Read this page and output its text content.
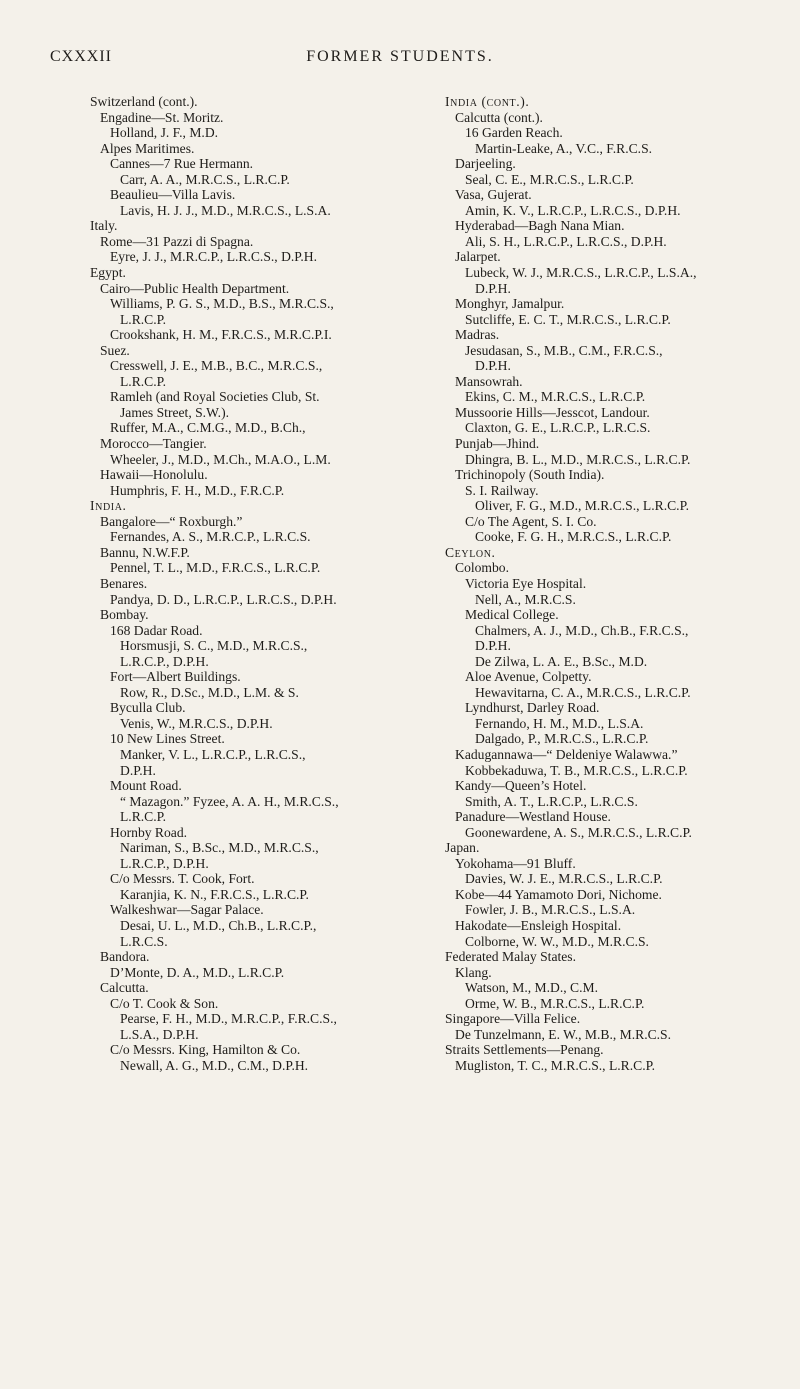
CXXXII	FORMER STUDENTS.
Switzerland (cont.).
Engadine—St. Moritz.
Holland, J. F., M.D.
Alpes Maritimes.
Cannes—7 Rue Hermann.
Carr, A. A., M.R.C.S., L.R.C.P.
Beaulieu—Villa Lavis.
Lavis, H. J. J., M.D., M.R.C.S., L.S.A.
Italy.
Rome—31 Pazzi di Spagna.
Eyre, J. J., M.R.C.P., L.R.C.S., D.P.H.
Egypt.
Cairo—Public Health Department.
Williams, P. G. S., M.D., B.S., M.R.C.S.,
L.R.C.P.
Crookshank, H. M., F.R.C.S., M.R.C.P.I.
Suez.
Cresswell, J. E., M.B., B.C., M.R.C.S.,
L.R.C.P.
Ramleh (and Royal Societies Club, St.
James Street, S.W.).
Ruffer, M.A., C.M.G., M.D., B.Ch.,
Morocco—Tangier.
Wheeler, J., M.D., M.Ch., M.A.O., L.M.
Hawaii—Honolulu.
Humphris, F. H., M.D., F.R.C.P.
India.
Bangalore—“ Roxburgh.”
Fernandes, A. S., M.R.C.P., L.R.C.S.
Bannu, N.W.F.P.
Pennel, T. L., M.D., F.R.C.S., L.R.C.P.
Benares.
Pandya, D. D., L.R.C.P., L.R.C.S., D.P.H.
Bombay.
168 Dadar Road.
Horsmusji, S. C., M.D., M.R.C.S.,
L.R.C.P., D.P.H.
Fort—Albert Buildings.
Row, R., D.Sc., M.D., L.M. & S.
Byculla Club.
Venis, W., M.R.C.S., D.P.H.
10 New Lines Street.
Manker, V. L., L.R.C.P., L.R.C.S.,
D.P.H.
Mount Road.
“ Mazagon.” Fyzee, A. A. H., M.R.C.S.,
L.R.C.P.
Hornby Road.
Nariman, S., B.Sc., M.D., M.R.C.S.,
L.R.C.P., D.P.H.
C/o Messrs. T. Cook, Fort.
Karanjia, K. N., F.R.C.S., L.R.C.P.
Walkeshwar—Sagar Palace.
Desai, U. L., M.D., Ch.B., L.R.C.P.,
L.R.C.S.
Bandora.
D’Monte, D. A., M.D., L.R.C.P.
Calcutta.
C/o T. Cook & Son.
Pearse, F. H., M.D., M.R.C.P., F.R.C.S.,
L.S.A., D.P.H.
C/o Messrs. King, Hamilton & Co.
Newall, A. G., M.D., C.M., D.P.H.
India (cont.).
Calcutta (cont.).
16 Garden Reach.
Martin-Leake, A., V.C., F.R.C.S.
Darjeeling.
Seal, C. E., M.R.C.S., L.R.C.P.
Vasa, Gujerat.
Amin, K. V., L.R.C.P., L.R.C.S., D.P.H.
Hyderabad—Bagh Nana Mian.
Ali, S. H., L.R.C.P., L.R.C.S., D.P.H.
Jalarpet.
Lubeck, W. J., M.R.C.S., L.R.C.P., L.S.A.,
D.P.H.
Monghyr, Jamalpur.
Sutcliffe, E. C. T., M.R.C.S., L.R.C.P.
Madras.
Jesudasan, S., M.B., C.M., F.R.C.S.,
D.P.H.
Mansowrah.
Ekins, C. M., M.R.C.S., L.R.C.P.
Mussoorie Hills—Jesscot, Landour.
Claxton, G. E., L.R.C.P., L.R.C.S.
Punjab—Jhind.
Dhingra, B. L., M.D., M.R.C.S., L.R.C.P.
Trichinopoly (South India).
S. I. Railway.
Oliver, F. G., M.D., M.R.C.S., L.R.C.P.
C/o The Agent, S. I. Co.
Cooke, F. G. H., M.R.C.S., L.R.C.P.
Ceylon.
Colombo.
Victoria Eye Hospital.
Nell, A., M.R.C.S.
Medical College.
Chalmers, A. J., M.D., Ch.B., F.R.C.S.,
D.P.H.
De Zilwa, L. A. E., B.Sc., M.D.
Aloe Avenue, Colpetty.
Hewavitarna, C. A., M.R.C.S., L.R.C.P.
Lyndhurst, Darley Road.
Fernando, H. M., M.D., L.S.A.
Dalgado, P., M.R.C.S., L.R.C.P.
Kadugannawa—“ Deldeniye Walawwa.”
Kobbekaduwa, T. B., M.R.C.S., L.R.C.P.
Kandy—Queen’s Hotel.
Smith, A. T., L.R.C.P., L.R.C.S.
Panadure—Westland House.
Goonewardene, A. S., M.R.C.S., L.R.C.P.
Japan.
Yokohama—91 Bluff.
Davies, W. J. E., M.R.C.S., L.R.C.P.
Kobe—44 Yamamoto Dori, Nichome.
Fowler, J. B., M.R.C.S., L.S.A.
Hakodate—Ensleigh Hospital.
Colborne, W. W., M.D., M.R.C.S.
Federated Malay States.
Klang.
Watson, M., M.D., C.M.
Orme, W. B., M.R.C.S., L.R.C.P.
Singapore—Villa Felice.
De Tunzelmann, E. W., M.B., M.R.C.S.
Straits Settlements—Penang.
Mugliston, T. C., M.R.C.S., L.R.C.P.
